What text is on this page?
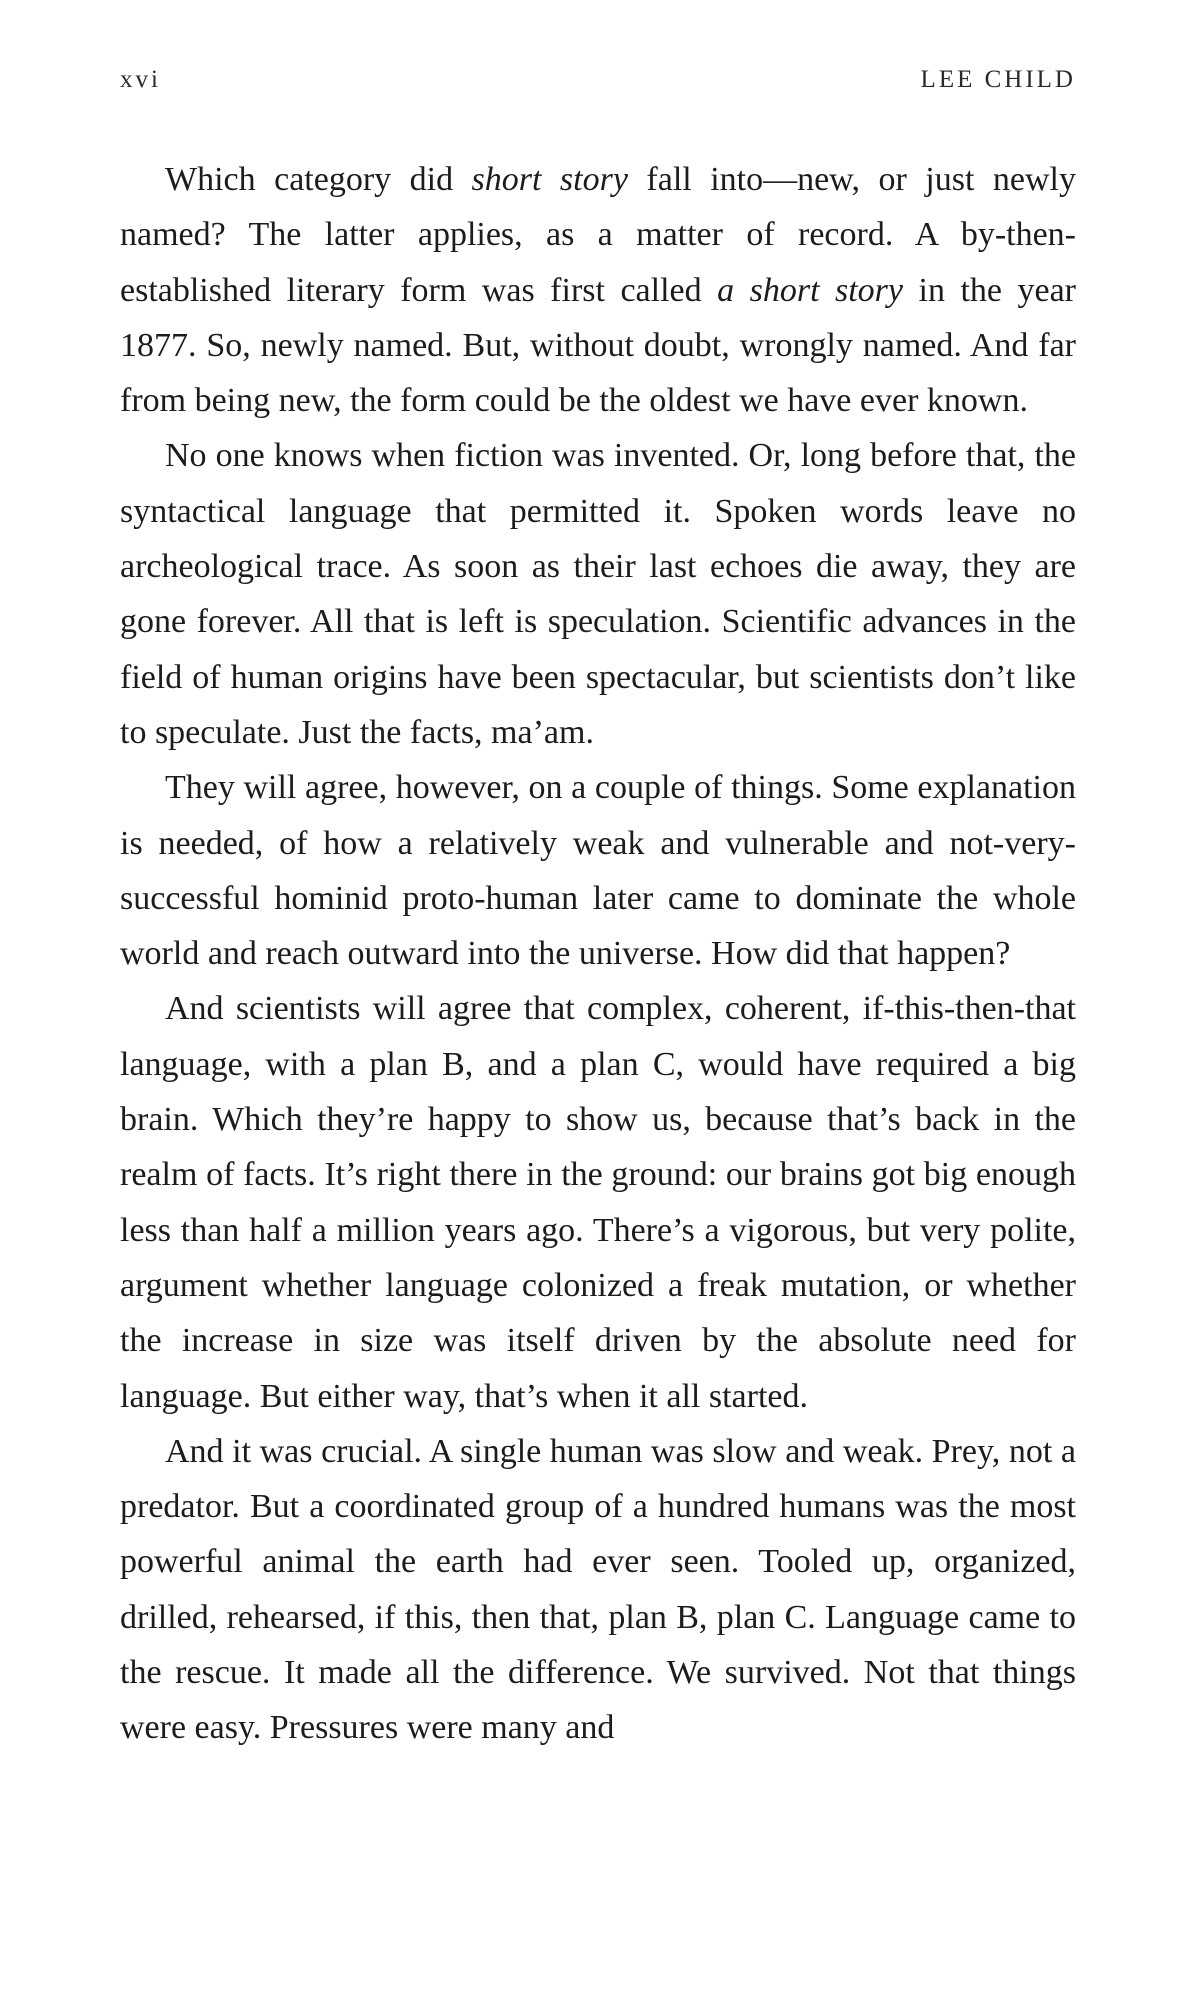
xvi	LEE CHILD

Which category did short story fall into—new, or just newly named? The latter applies, as a matter of record. A by-then-established literary form was first called a short story in the year 1877. So, newly named. But, without doubt, wrongly named. And far from being new, the form could be the oldest we have ever known.

No one knows when fiction was invented. Or, long before that, the syntactical language that permitted it. Spoken words leave no archeological trace. As soon as their last echoes die away, they are gone forever. All that is left is speculation. Scientific advances in the field of human origins have been spectacular, but scientists don’t like to speculate. Just the facts, ma’am.

They will agree, however, on a couple of things. Some explanation is needed, of how a relatively weak and vulnerable and not-very-successful hominid proto-human later came to dominate the whole world and reach outward into the universe. How did that happen?

And scientists will agree that complex, coherent, if-this-then-that language, with a plan B, and a plan C, would have required a big brain. Which they’re happy to show us, because that’s back in the realm of facts. It’s right there in the ground: our brains got big enough less than half a million years ago. There’s a vigorous, but very polite, argument whether language colonized a freak mutation, or whether the increase in size was itself driven by the absolute need for language. But either way, that’s when it all started.

And it was crucial. A single human was slow and weak. Prey, not a predator. But a coordinated group of a hundred humans was the most powerful animal the earth had ever seen. Tooled up, organized, drilled, rehearsed, if this, then that, plan B, plan C. Language came to the rescue. It made all the difference. We survived. Not that things were easy. Pressures were many and
